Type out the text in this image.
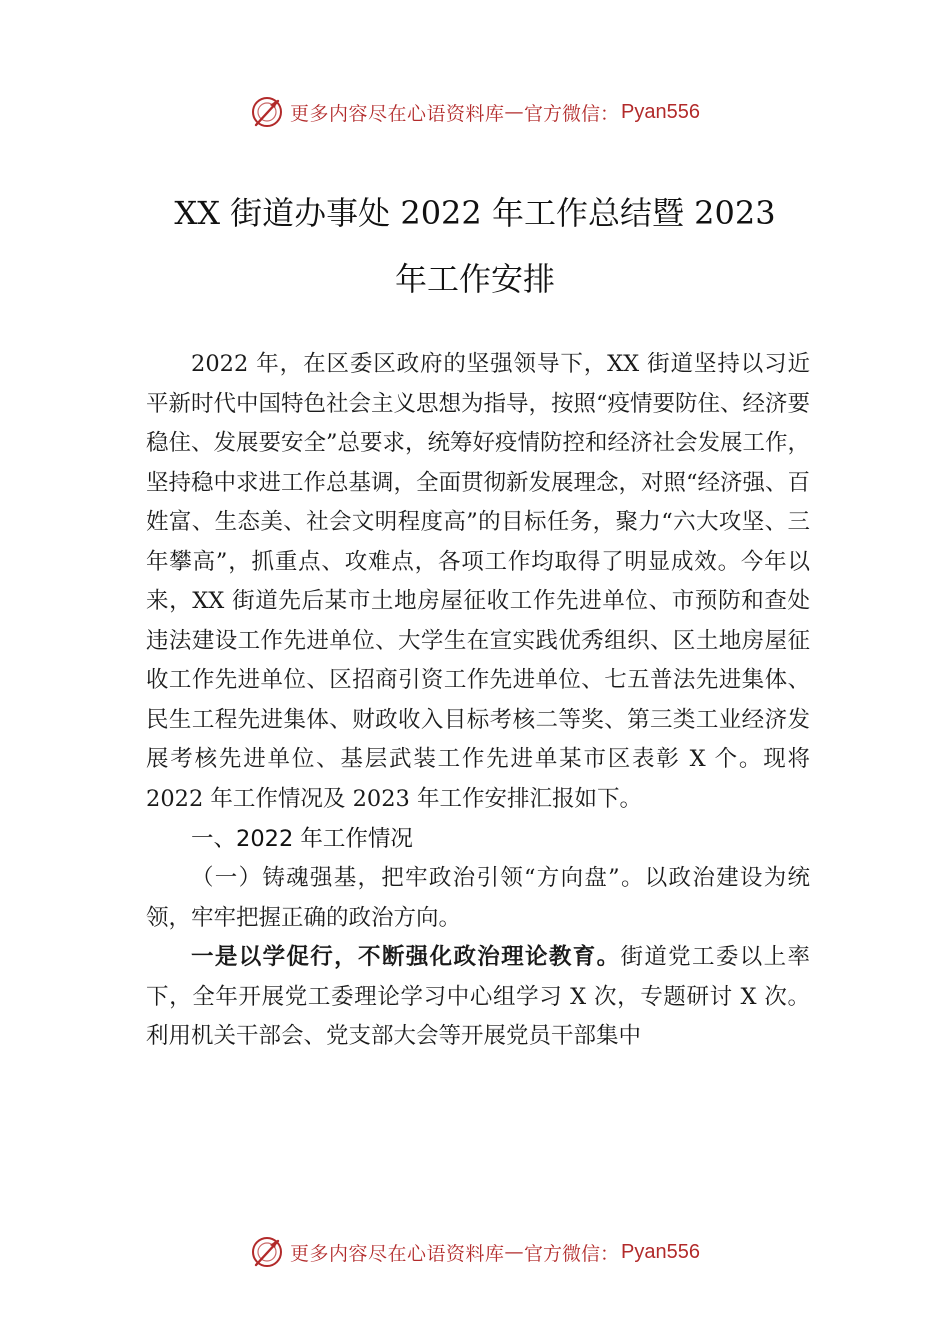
更多内容尽在心语资料库 — 官方微信： Pyan556
XX 街道办事处 2022 年工作总结暨 2023
年工作安排

2022 年，在区委区政府的坚强领导下，XX 街道坚持以习近平新时代中国特色社会主义思想为指导，按照“疫情要防住、经济要稳住、发展要安全”总要求，统筹好疫情防控和经济社会发展工作，坚持稳中求进工作总基调，全面贯彻新发展理念，对照“经济强、百姓富、生态美、社会文明程度高”的目标任务，聚力“六大攻坚、三年攀高”，抓重点、攻难点，各项工作均取得了明显成效。今年以来，XX 街道先后某市土地房屋征收工作先进单位、市预防和查处违法建设工作先进单位、大学生在宣实践优秀组织、区土地房屋征收工作先进单位、区招商引资工作先进单位、七五普法先进集体、民生工程先进集体、财政收入目标考核二等奖、第三类工业经济发展考核先进单位、基层武装工作先进单某市区表彰 X 个。现将 2022 年工作情况及 2023 年工作安排汇报如下。

一、2022 年工作情况

（一）铸魂强基，把牢政治引领“方向盘”。以政治建设为统领，牢牢把握正确的政治方向。

一是以学促行，不断强化政治理论教育。街道党工委以上率下，全年开展党工委理论学习中心组学习 X 次，专题研讨 X 次。利用机关干部会、党支部大会等开展党员干部集中

更多内容尽在心语资料库 — 官方微信： Pyan556
